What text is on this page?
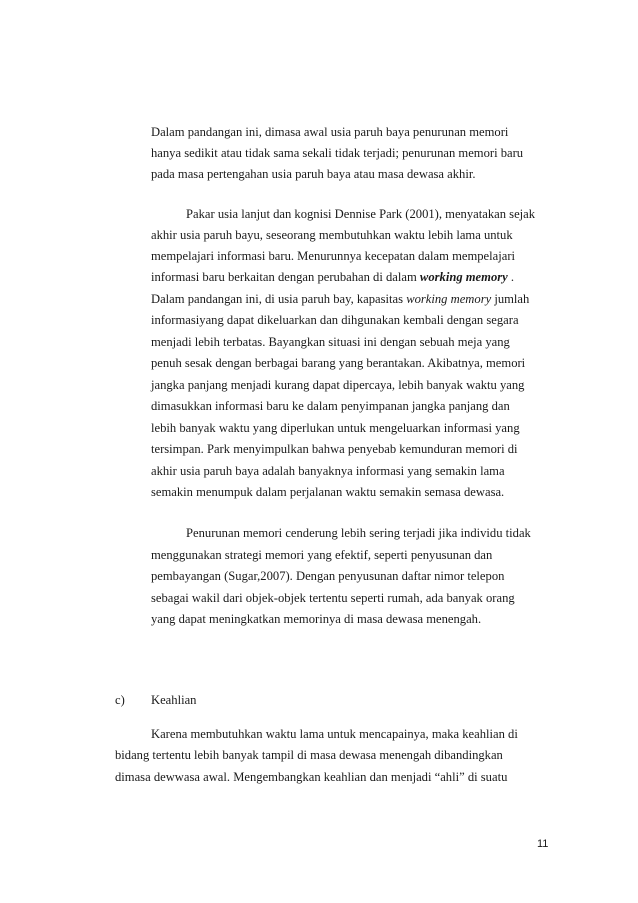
Dalam pandangan ini, dimasa awal usia paruh baya penurunan memori
hanya sedikit atau tidak sama sekali tidak terjadi; penurunan memori baru
pada masa pertengahan usia paruh baya atau masa dewasa akhir.
Pakar usia lanjut dan kognisi Dennise Park (2001), menyatakan sejak
akhir usia paruh bayu, seseorang membutuhkan waktu lebih lama untuk
mempelajari informasi baru. Menurunnya kecepatan dalam mempelajari
informasi baru berkaitan dengan perubahan di dalam working memory .
Dalam pandangan ini, di usia paruh bay, kapasitas working memory jumlah
informasiyang dapat dikeluarkan dan dihgunakan kembali dengan segara
menjadi lebih terbatas. Bayangkan situasi ini dengan sebuah meja yang
penuh sesak dengan berbagai barang yang berantakan. Akibatnya, memori
jangka panjang menjadi kurang dapat dipercaya, lebih banyak waktu yang
dimasukkan informasi baru ke dalam penyimpanan jangka panjang dan
lebih banyak waktu yang diperlukan untuk mengeluarkan informasi yang
tersimpan. Park menyimpulkan bahwa penyebab kemunduran memori di
akhir usia paruh baya adalah banyaknya informasi yang semakin lama
semakin menumpuk dalam perjalanan waktu semakin semasa dewasa.
Penurunan memori cenderung lebih sering terjadi jika individu tidak
menggunakan strategi memori yang efektif, seperti penyusunan dan
pembayangan (Sugar,2007). Dengan penyusunan daftar nimor telepon
sebagai wakil dari objek-objek tertentu seperti rumah, ada banyak orang
yang dapat meningkatkan memorinya di masa dewasa menengah.
c) Keahlian
Karena membutuhkan waktu lama untuk mencapainya, maka keahlian di
bidang tertentu lebih banyak tampil di masa dewasa menengah dibandingkan
dimasa dewwasa awal. Mengembangkan keahlian dan menjadi “ahli” di suatu
11
